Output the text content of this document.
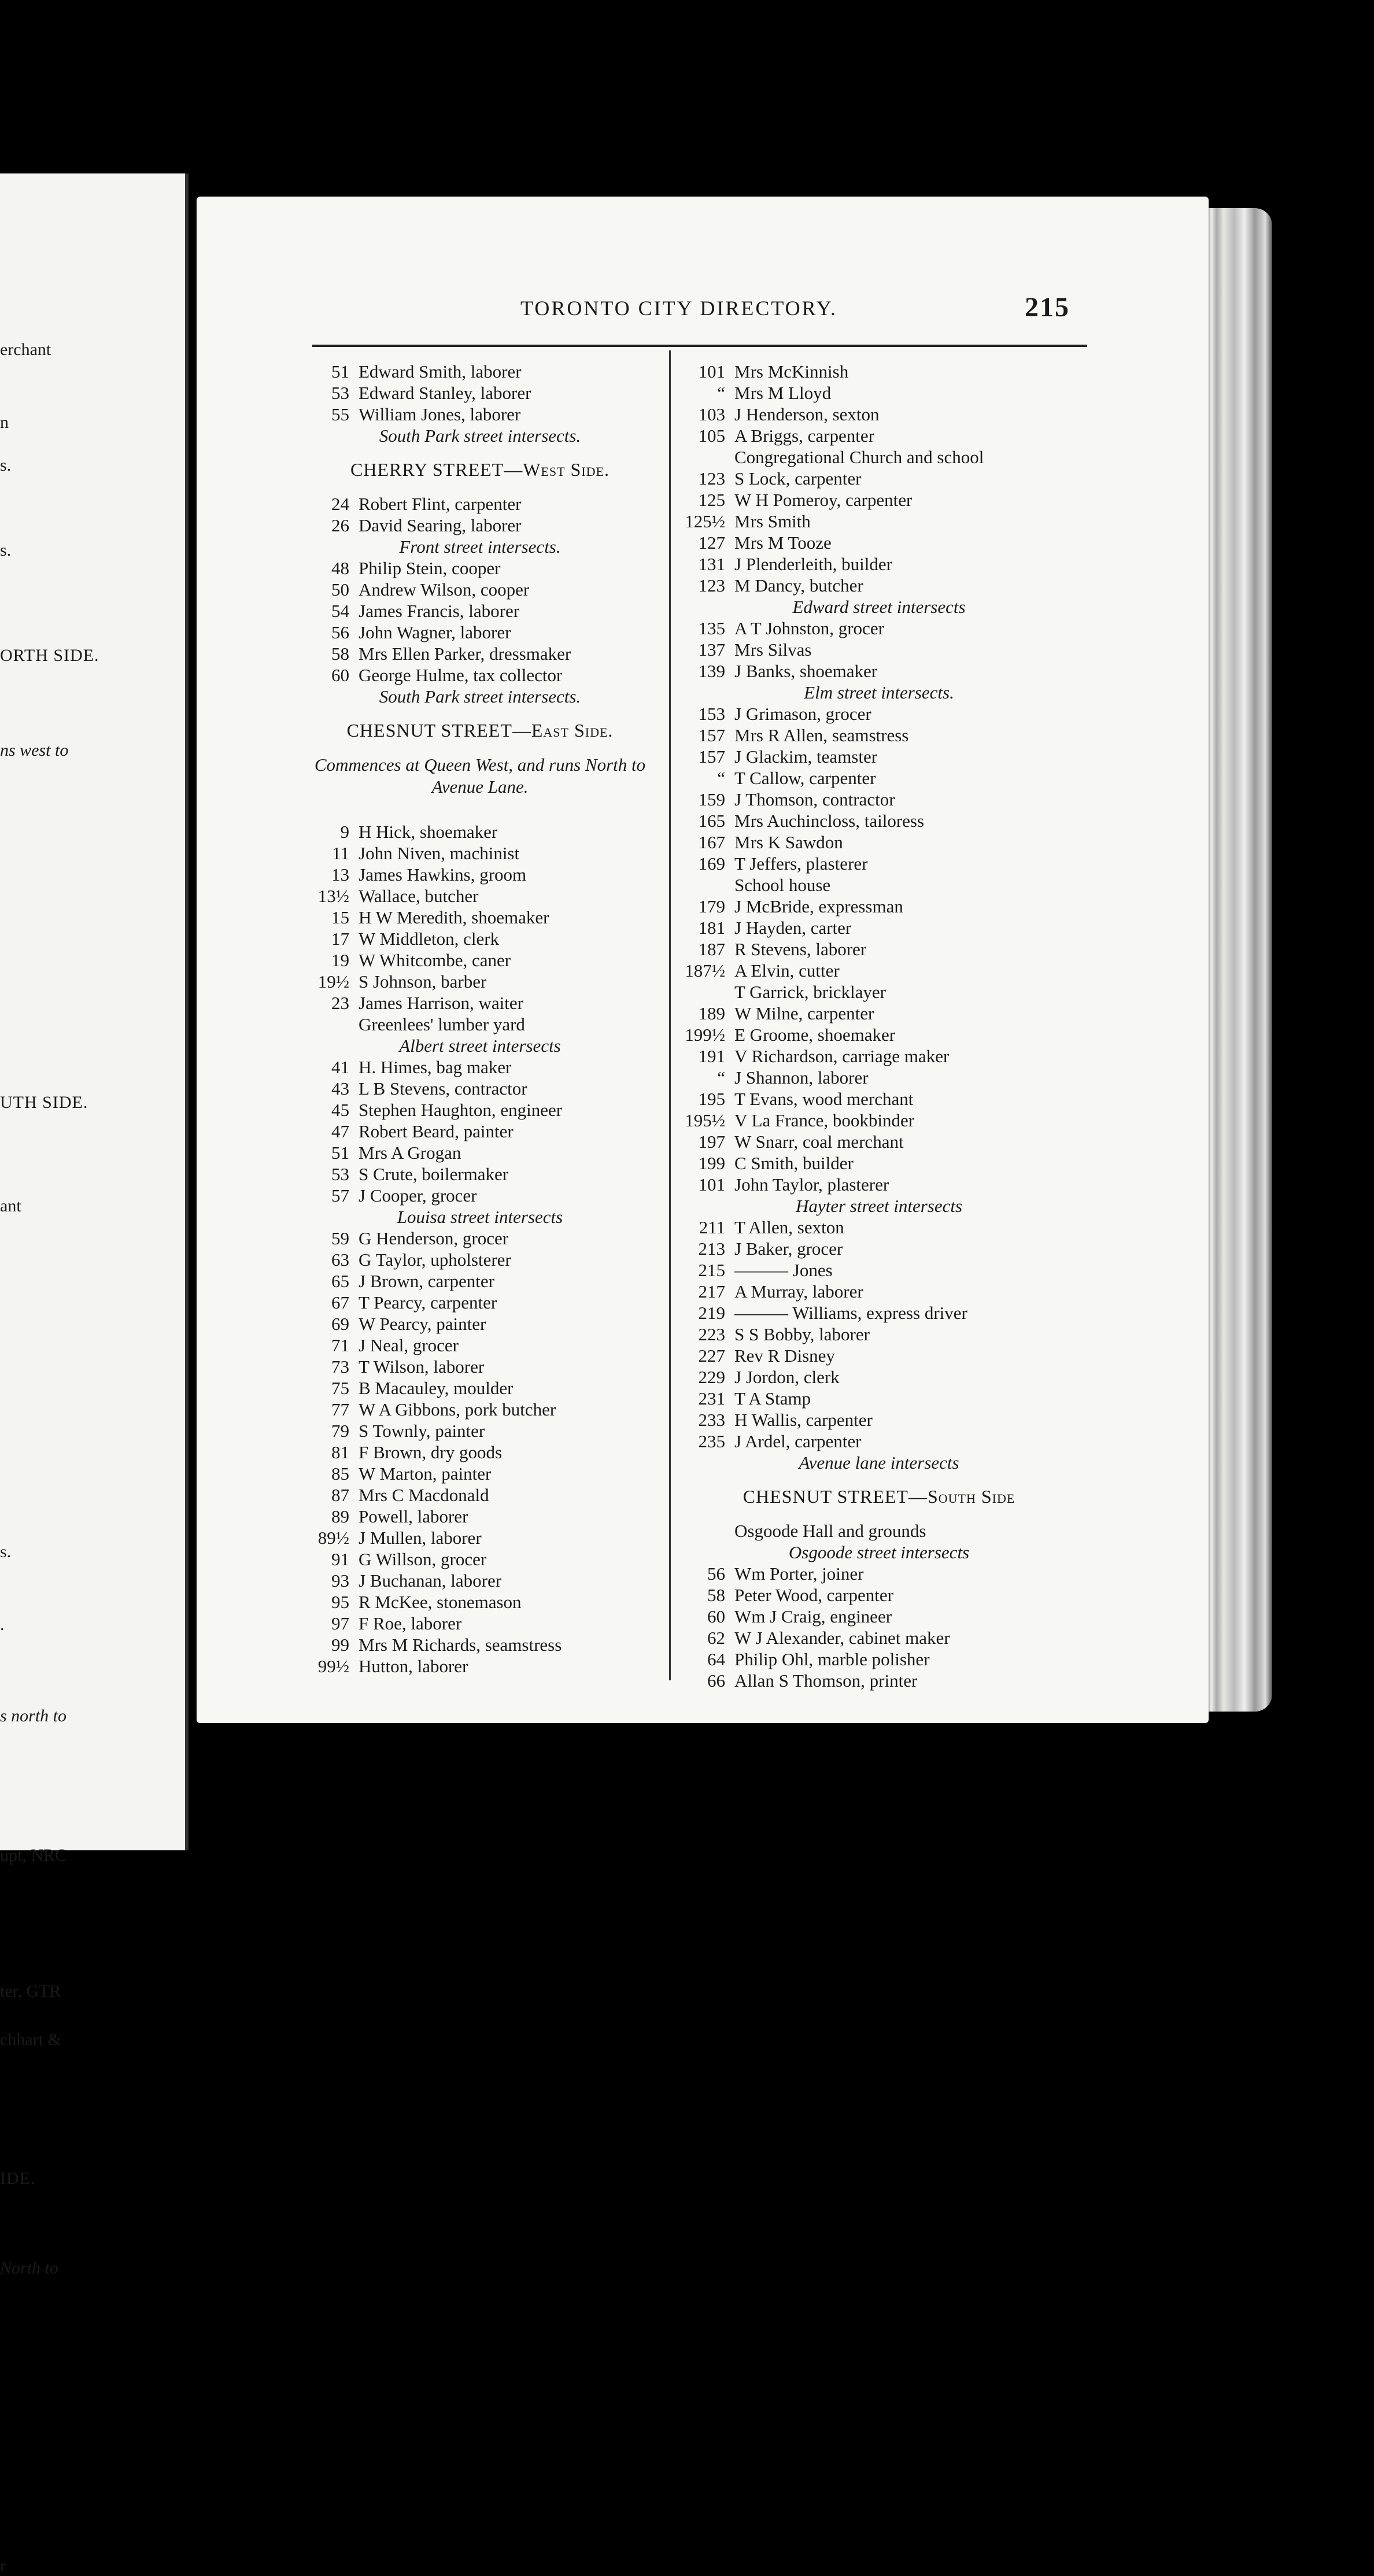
erchant
n
s.
s.
ORTH SIDE.
ns west to
UTH SIDE.
ant
s.
.
s north to
upt, NRC
ter, GTR
chhart &
IDE.
North to
r
TORONTO CITY DIRECTORY.	215
51 Edward Smith, laborer
53 Edward Stanley, laborer
55 William Jones, laborer
South Park street intersects.
CHERRY STREET—West Side.
24 Robert Flint, carpenter
26 David Searing, laborer
Front street intersects.
48 Philip Stein, cooper
50 Andrew Wilson, cooper
54 James Francis, laborer
56 John Wagner, laborer
58 Mrs Ellen Parker, dressmaker
60 George Hulme, tax collector
South Park street intersects.
CHESNUT STREET—East Side.
Commences at Queen West, and runs North to Avenue Lane.
9 H Hick, shoemaker
11 John Niven, machinist
13 James Hawkins, groom
13½ Wallace, butcher
15 H W Meredith, shoemaker
17 W Middleton, clerk
19 W Whitcombe, caner
19½ S Johnson, barber
23 James Harrison, waiter
Greenlees' lumber yard
Albert street intersects
41 H. Himes, bag maker
43 L B Stevens, contractor
45 Stephen Haughton, engineer
47 Robert Beard, painter
51 Mrs A Grogan
53 S Crute, boilermaker
57 J Cooper, grocer
Louisa street intersects
59 G Henderson, grocer
63 G Taylor, upholsterer
65 J Brown, carpenter
67 T Pearcy, carpenter
69 W Pearcy, painter
71 J Neal, grocer
73 T Wilson, laborer
75 B Macauley, moulder
77 W A Gibbons, pork butcher
79 S Townly, painter
81 F Brown, dry goods
85 W Marton, painter
87 Mrs C Macdonald
89 Powell, laborer
89½ J Mullen, laborer
91 G Willson, grocer
93 J Buchanan, laborer
95 R McKee, stonemason
97 F Roe, laborer
99 Mrs M Richards, seamstress
99½ Hutton, laborer
101 Mrs McKinnish
“ Mrs M Lloyd
103 J Henderson, sexton
105 A Briggs, carpenter
Congregational Church and school
123 S Lock, carpenter
125 W H Pomeroy, carpenter
125½ Mrs Smith
127 Mrs M Tooze
131 J Plenderleith, builder
123 M Dancy, butcher
Edward street intersects
135 A T Johnston, grocer
137 Mrs Silvas
139 J Banks, shoemaker
Elm street intersects.
153 J Grimason, grocer
157 Mrs R Allen, seamstress
157 J Glackim, teamster
“ T Callow, carpenter
159 J Thomson, contractor
165 Mrs Auchincloss, tailoress
167 Mrs K Sawdon
169 T Jeffers, plasterer
School house
179 J McBride, expressman
181 J Hayden, carter
187 R Stevens, laborer
187½ A Elvin, cutter
T Garrick, bricklayer
189 W Milne, carpenter
199½ E Groome, shoemaker
191 V Richardson, carriage maker
“ J Shannon, laborer
195 T Evans, wood merchant
195½ V La France, bookbinder
197 W Snarr, coal merchant
199 C Smith, builder
101 John Taylor, plasterer
Hayter street intersects
211 T Allen, sexton
213 J Baker, grocer
215 ——— Jones
217 A Murray, laborer
219 ——— Williams, express driver
223 S S Bobby, laborer
227 Rev R Disney
229 J Jordon, clerk
231 T A Stamp
233 H Wallis, carpenter
235 J Ardel, carpenter
Avenue lane intersects
CHESNUT STREET—South Side
Osgoode Hall and grounds
Osgoode street intersects
56 Wm Porter, joiner
58 Peter Wood, carpenter
60 Wm J Craig, engineer
62 W J Alexander, cabinet maker
64 Philip Ohl, marble polisher
66 Allan S Thomson, printer
